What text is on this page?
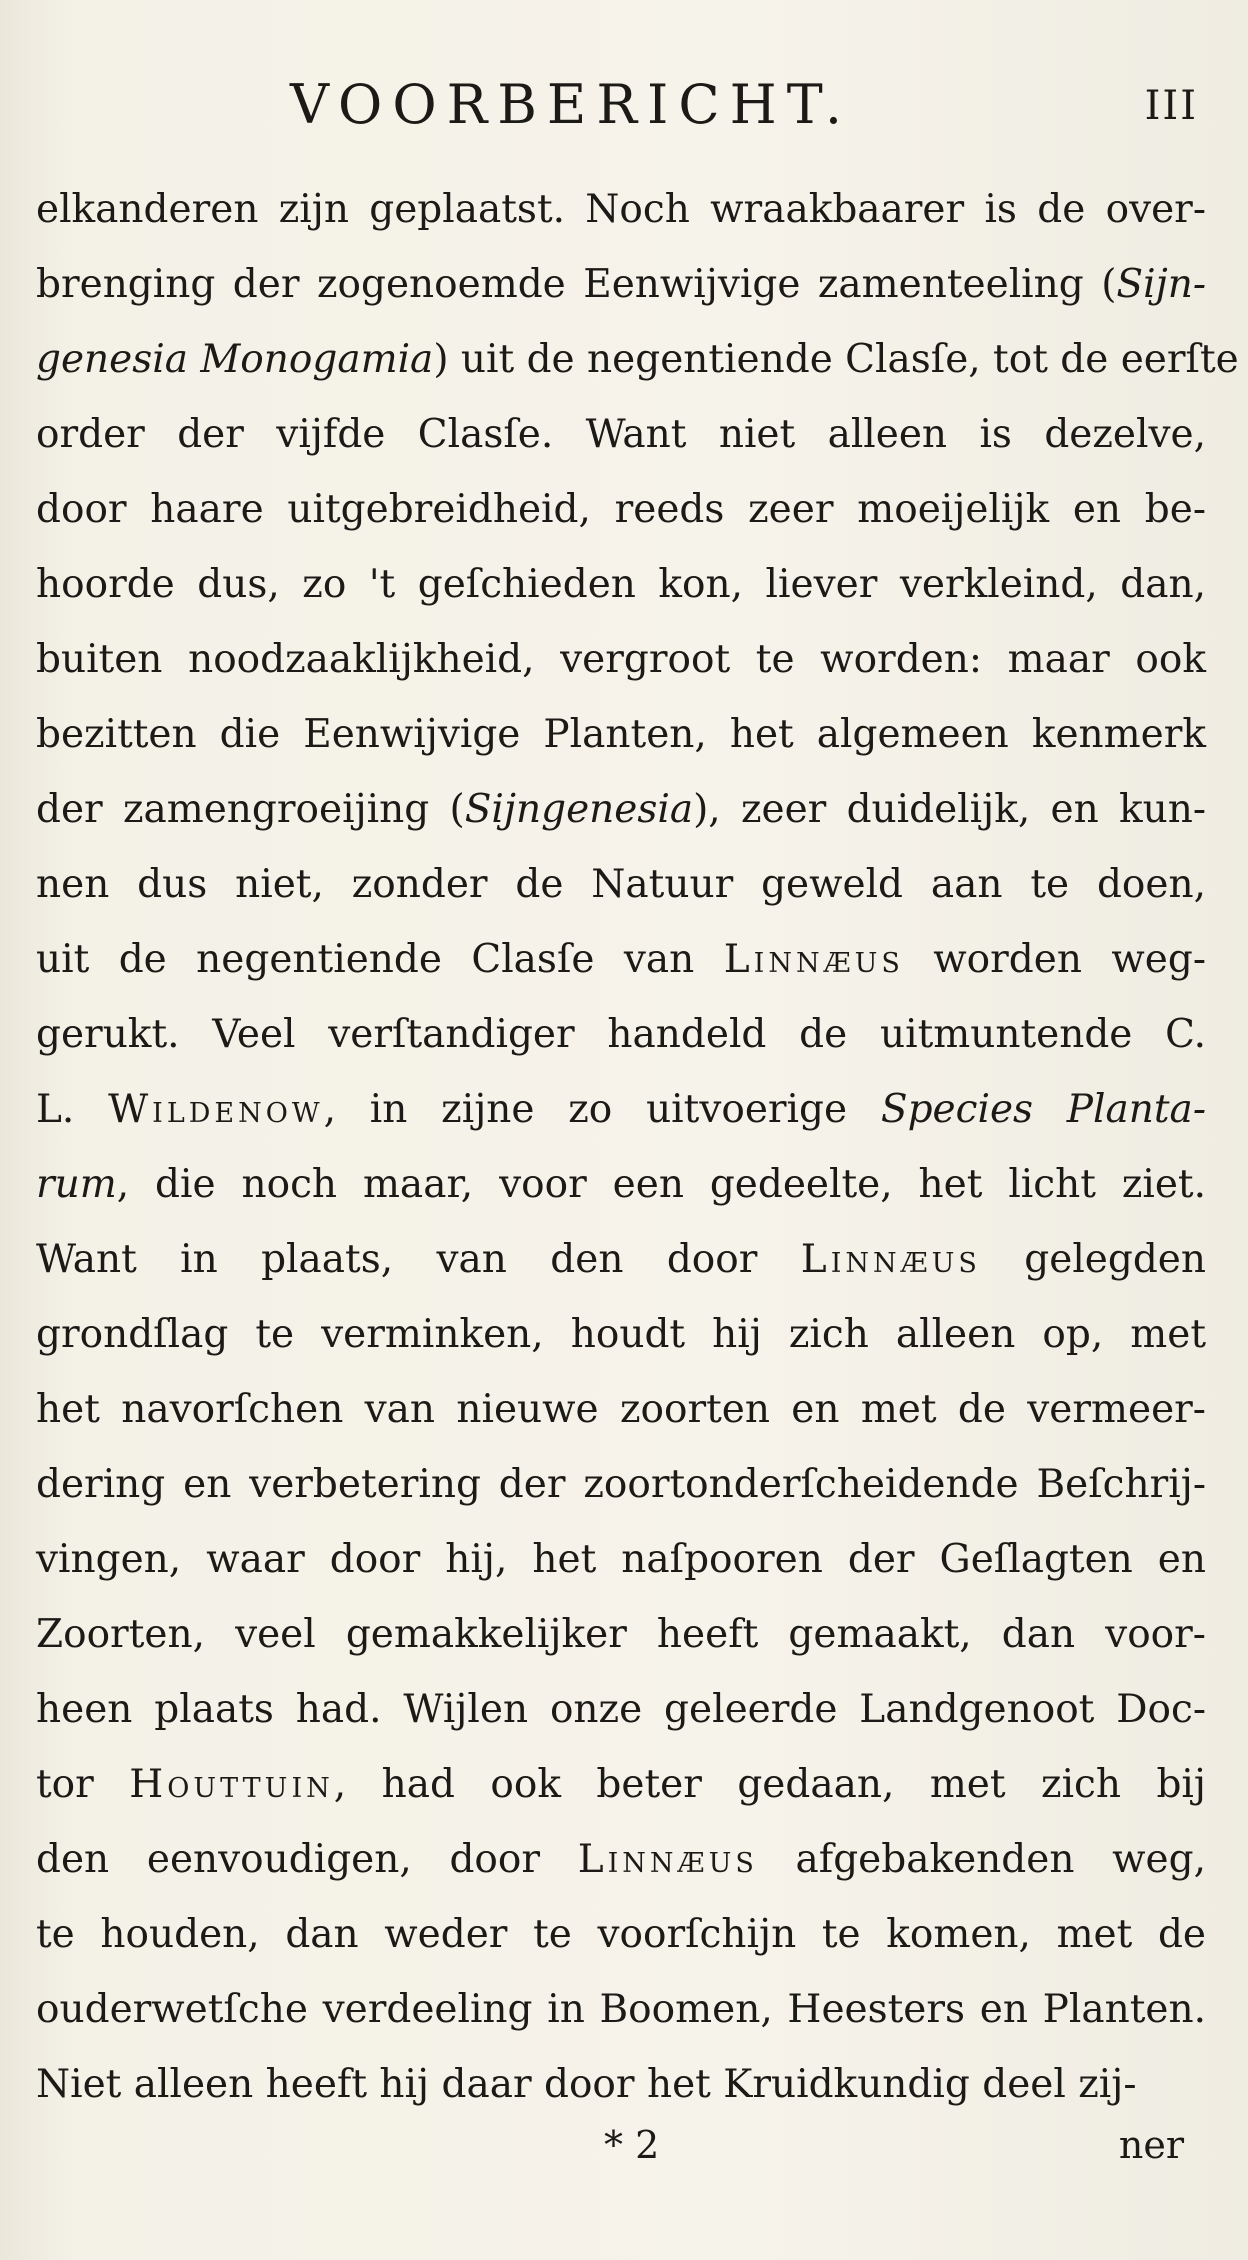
VOORBERICHT.	III
elkanderen zijn geplaatst. Noch wraakbaarer is de over-
brenging der zogenoemde Eenwijvige zamenteeling (Sijn-
genesia Monogamia) uit de negentiende Clasſe, tot de eerſte
order der vijfde Clasſe. Want niet alleen is dezelve,
door haare uitgebreidheid, reeds zeer moeijelijk en be-
hoorde dus, zo 't geſchieden kon, liever verkleind, dan,
buiten noodzaaklijkheid, vergroot te worden: maar ook
bezitten die Eenwijvige Planten, het algemeen kenmerk
der zamengroeijing (Sijngenesia), zeer duidelijk, en kun-
nen dus niet, zonder de Natuur geweld aan te doen,
uit de negentiende Clasſe van Linnæus worden weg-
gerukt. Veel verſtandiger handeld de uitmuntende C.
L. Wildenow, in zijne zo uitvoerige Species Planta-
rum, die noch maar, voor een gedeelte, het licht ziet.
Want in plaats, van den door Linnæus gelegden
grondſlag te verminken, houdt hij zich alleen op, met
het navorſchen van nieuwe zoorten en met de vermeer-
dering en verbetering der zoortonderſcheidende Beſchrij-
vingen, waar door hij, het naſpooren der Geſlagten en
Zoorten, veel gemakkelijker heeft gemaakt, dan voor-
heen plaats had. Wijlen onze geleerde Landgenoot Doc-
tor Houttuin, had ook beter gedaan, met zich bij
den eenvoudigen, door Linnæus afgebakenden weg,
te houden, dan weder te voorſchijn te komen, met de
ouderwetſche verdeeling in Boomen, Heesters en Planten.
Niet alleen heeft hij daar door het Kruidkundig deel zij-
* 2	ner
